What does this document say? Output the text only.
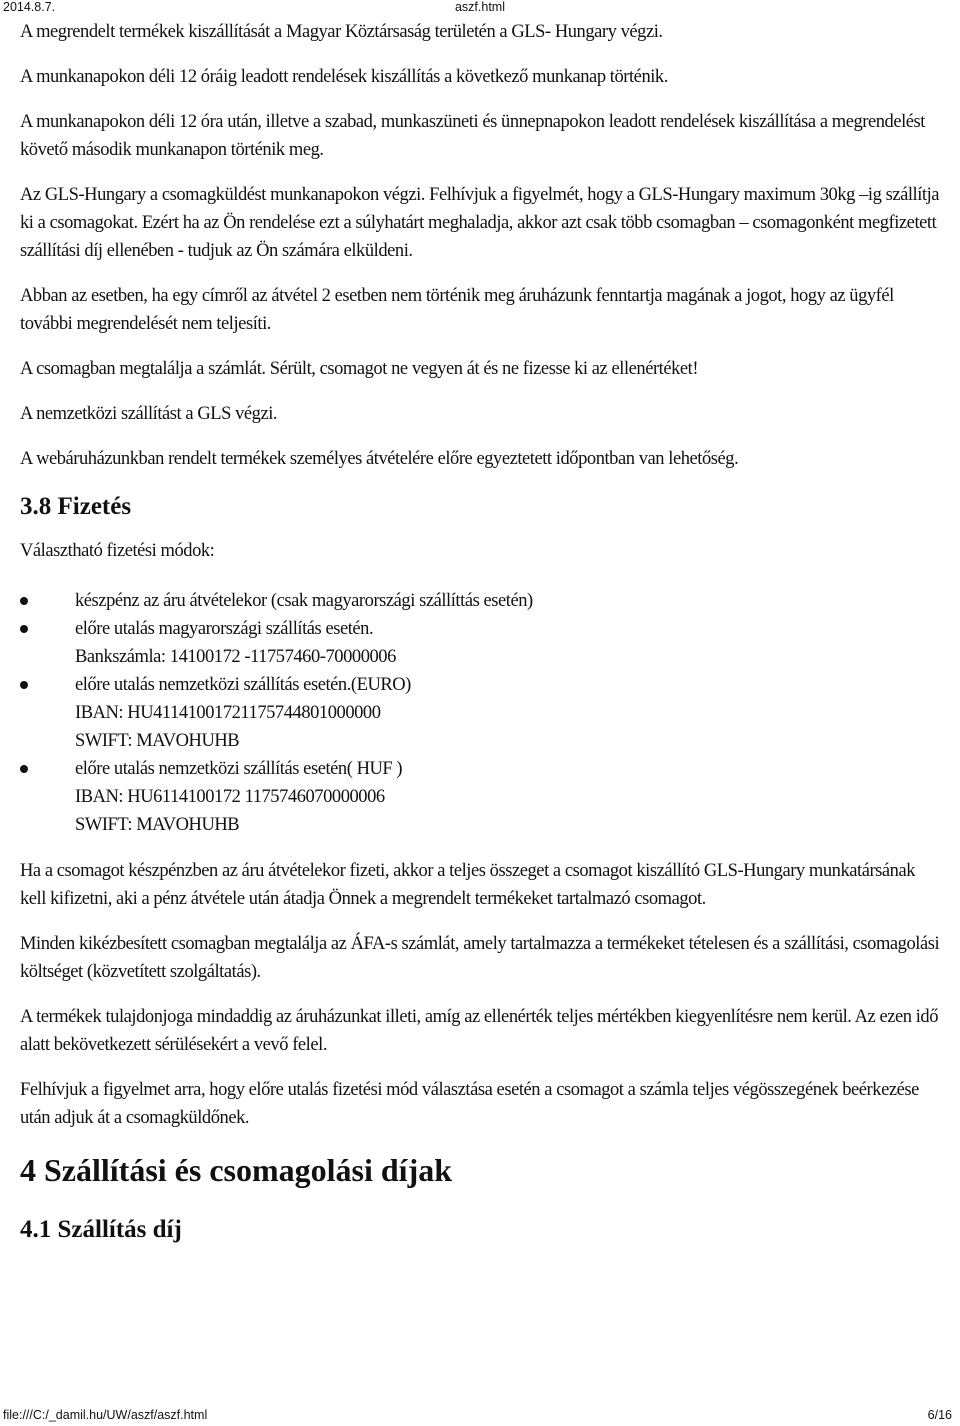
2014.8.7.	aszf.html

A megrendelt termékek kiszállítását a Magyar Köztársaság területén a GLS- Hungary végzi.

A munkanapokon déli 12 óráig leadott rendelések kiszállítás a következő munkanap történik.

A munkanapokon déli 12 óra után, illetve a szabad, munkaszüneti és ünnepnapokon leadott rendelések kiszállítása a megrendelést követő második munkanapon történik meg.

Az GLS-Hungary a csomagküldést munkanapokon végzi. Felhívjuk a figyelmét, hogy a GLS-Hungary maximum 30kg –ig szállítja ki a csomagokat. Ezért ha az Ön rendelése ezt a súlyhatárt meghaladja, akkor azt csak több csomagban – csomagonként megfizetett szállítási díj ellenében - tudjuk az Ön számára elküldeni.

Abban az esetben, ha egy címről az átvétel 2 esetben nem történik meg áruházunk fenntartja magának a jogot, hogy az ügyfél további megrendelését nem teljesíti.

A csomagban megtalálja a számlát. Sérült, csomagot ne vegyen át és ne fizesse ki az ellenértéket!

A nemzetközi szállítást a GLS végzi.

A webáruházunkban rendelt termékek személyes átvételére előre egyeztetett időpontban van lehetőség.

3.8 Fizetés

Választható fizetési módok:

készpénz az áru átvételekor (csak magyarországi szállíttás esetén)
előre utalás magyarországi szállítás esetén.
Bankszámla: 14100172 -11757460-70000006
előre utalás nemzetközi szállítás esetén.(EURO)
IBAN: HU41141001721175744801000000
SWIFT: MAVOHUHB
előre utalás nemzetközi szállítás esetén( HUF )
IBAN: HU6114100172 1175746070000006
SWIFT: MAVOHUHB

Ha a csomagot készpénzben az áru átvételekor fizeti, akkor a teljes összeget a csomagot kiszállító GLS-Hungary munkatársának kell kifizetni, aki a pénz átvétele után átadja Önnek a megrendelt termékeket tartalmazó csomagot.

Minden kikézbesített csomagban megtalálja az ÁFA-s számlát, amely tartalmazza a termékeket tételesen és a szállítási, csomagolási költséget (közvetített szolgáltatás).

A termékek tulajdonjoga mindaddig az áruházunkat illeti, amíg az ellenérték teljes mértékben kiegyenlítésre nem kerül. Az ezen idő alatt bekövetkezett sérülésekért a vevő felel.

Felhívjuk a figyelmet arra, hogy előre utalás fizetési mód választása esetén a csomagot a számla teljes végösszegének beérkezése után adjuk át a csomagküldőnek.

4 Szállítási és csomagolási díjak
4.1 Szállítás díj
file:///C:/_damil.hu/UW/aszf/aszf.html	6/16
